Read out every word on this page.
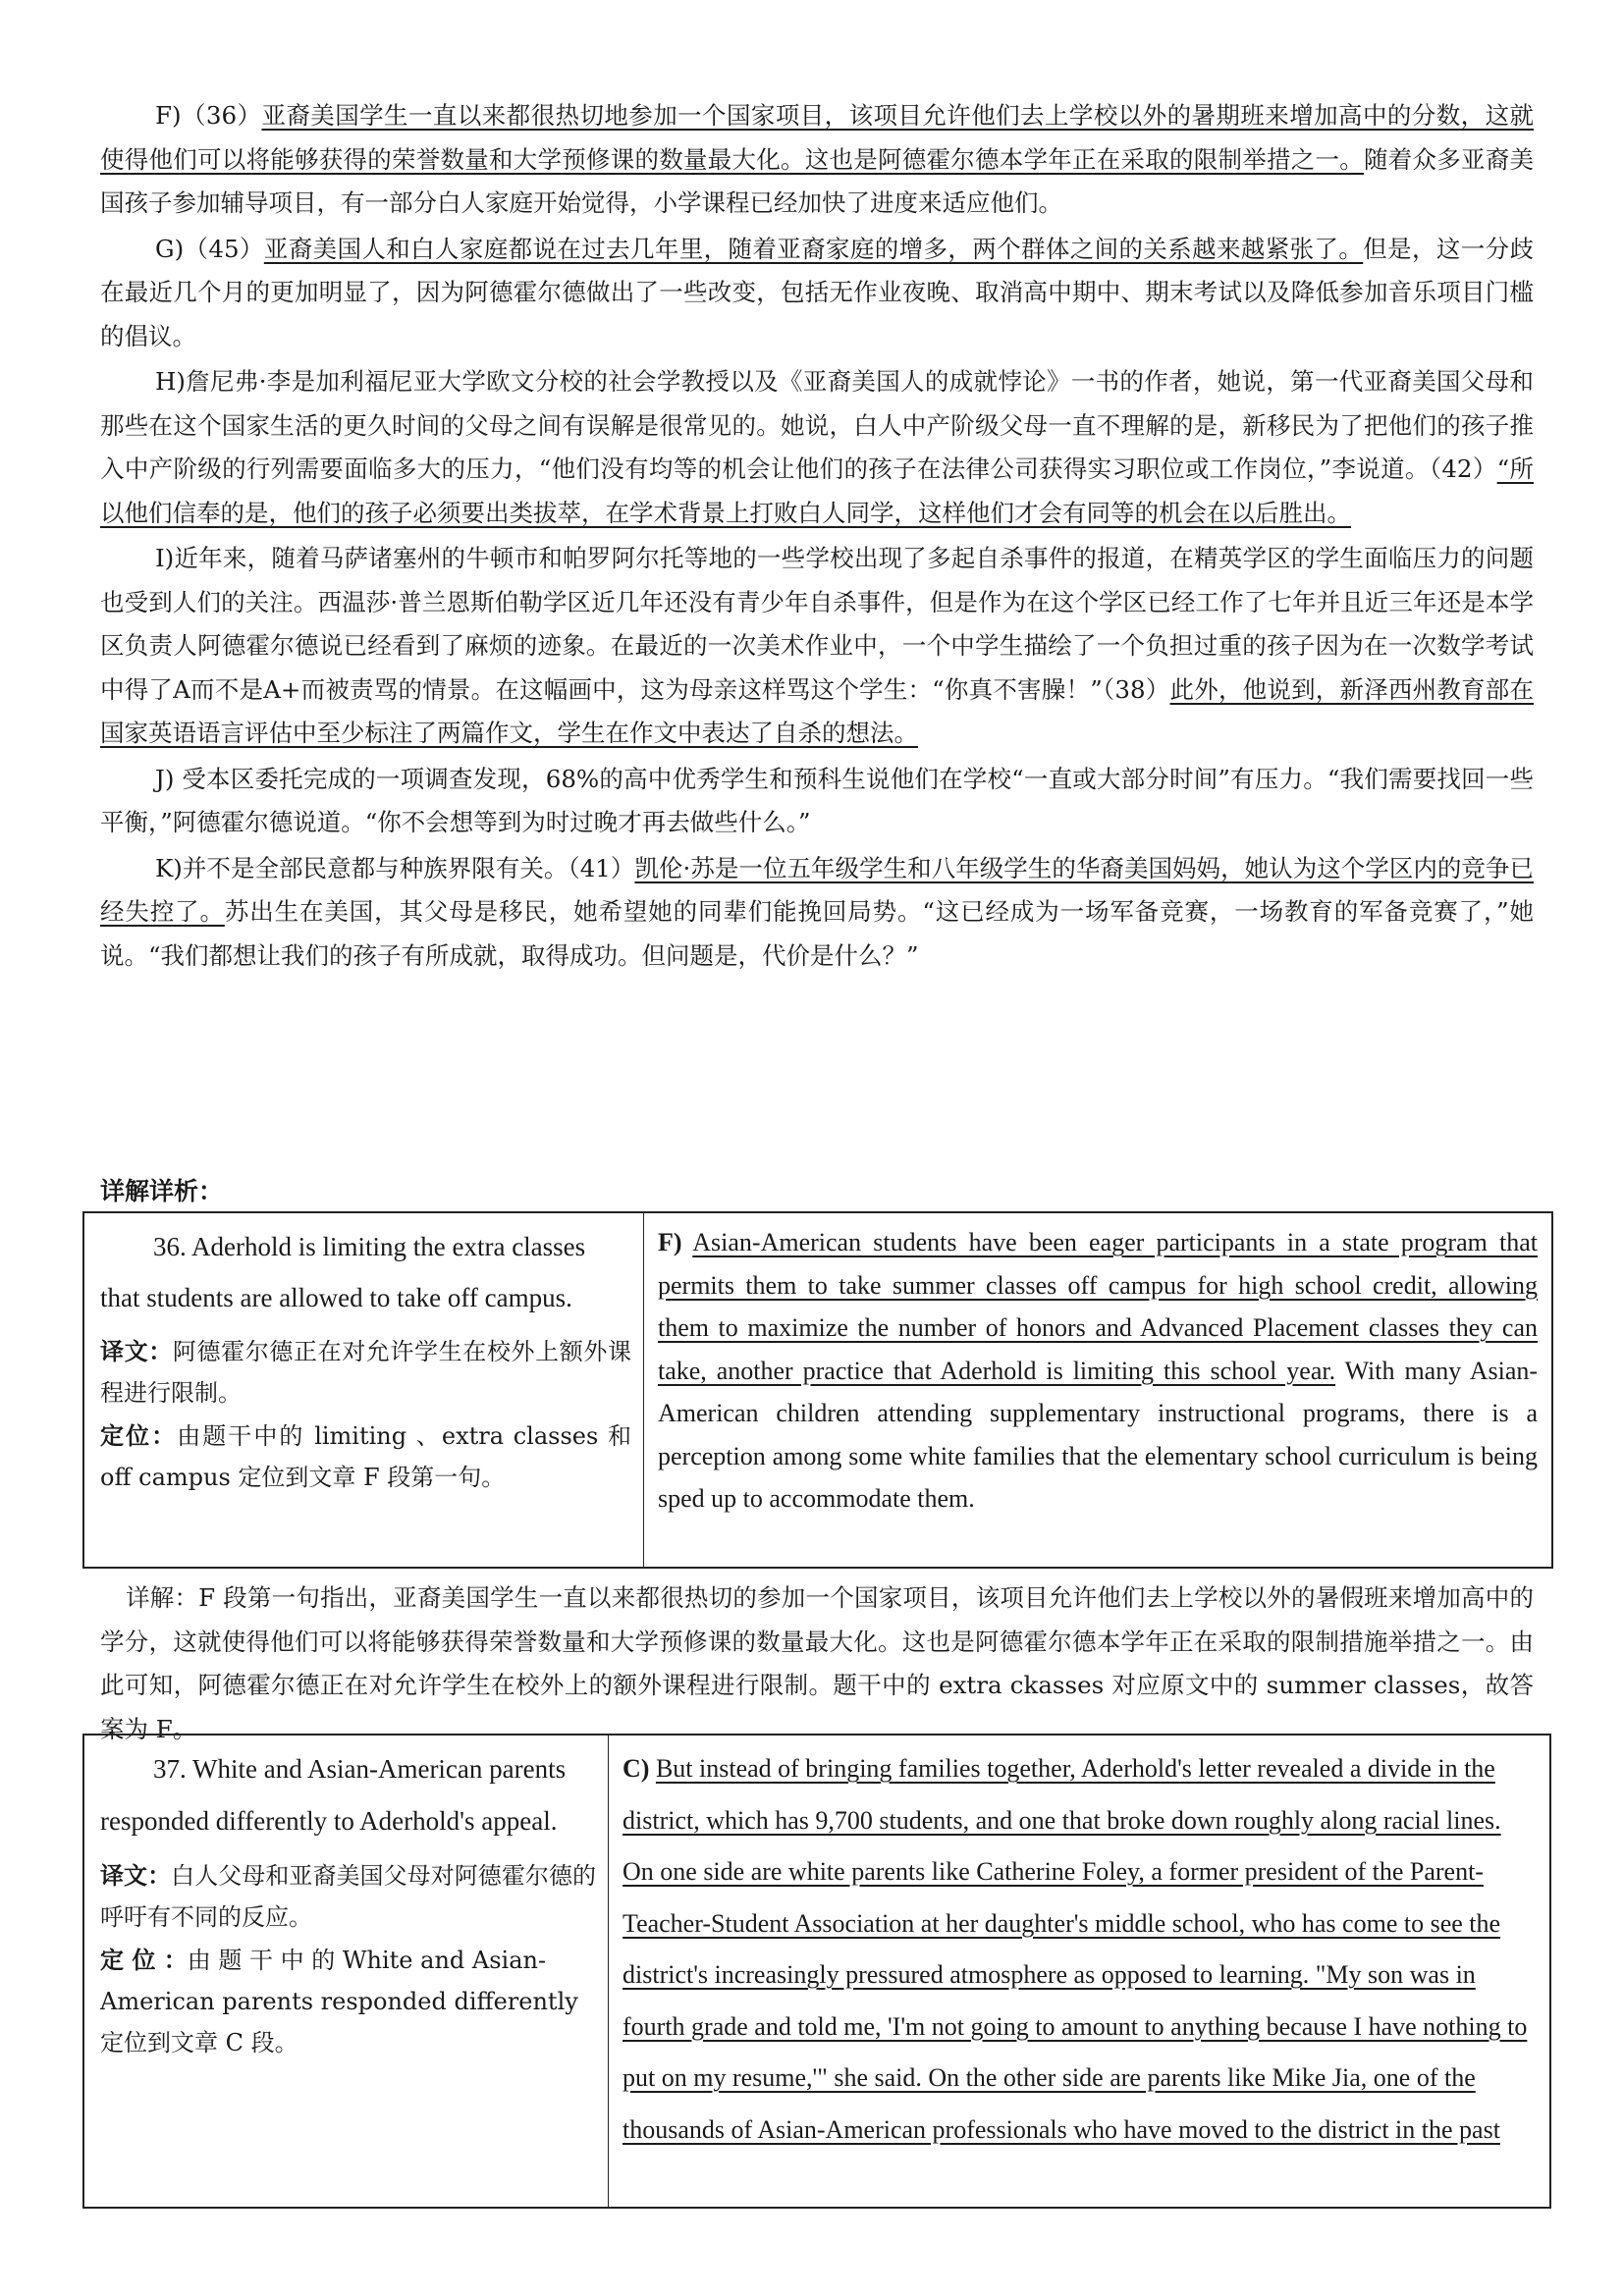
F)（36）亚裔美国学生一直以来都很热切地参加一个国家项目，该项目允许他们去上学校以外的暑期班来增加高中的分数，这就使得他们可以将能够获得的荣誉数量和大学预修课的数量最大化。这也是阿德霍尔德本学年正在采取的限制举措之一。随着众多亚裔美国孩子参加辅导项目，有一部分白人家庭开始觉得，小学课程已经加快了进度来适应他们。

G)（45）亚裔美国人和白人家庭都说在过去几年里，随着亚裔家庭的增多，两个群体之间的关系越来越紧张了。但是，这一分歧在最近几个月的更加明显了，因为阿德霍尔德做出了一些改变，包括无作业夜晚、取消高中期中、期末考试以及降低参加音乐项目门槛的倡议。

H)詹尼弗·李是加利福尼亚大学欧文分校的社会学教授以及《亚裔美国人的成就悖论》一书的作者，她说，第一代亚裔美国父母和那些在这个国家生活的更久时间的父母之间有误解是很常见的。她说，白人中产阶级父母一直不理解的是，新移民为了把他们的孩子推入中产阶级的行列需要面临多大的压力，“他们没有均等的机会让他们的孩子在法律公司获得实习职位或工作岗位，”李说道。（42）“所以他们信奉的是，他们的孩子必须要出类拔萃，在学术背景上打败白人同学，这样他们才会有同等的机会在以后胜出。

I)近年来，随着马萨诸塞州的牛顿市和帕罗阿尔托等地的一些学校出现了多起自杀事件的报道，在精英学区的学生面临压力的问题也受到人们的关注。西温莎·普兰恩斯伯勒学区近几年还没有青少年自杀事件，但是作为在这个学区已经工作了七年并且近三年还是本学区负责人阿德霍尔德说已经看到了麻烦的迹象。在最近的一次美术作业中，一个中学生描绘了一个负担过重的孩子因为在一次数学考试中得了A而不是A+而被责骂的情景。在这幅画中，这为母亲这样骂这个学生：“你真不害臊！”（38）此外，他说到，新泽西州教育部在国家英语语言评估中至少标注了两篇作文，学生在作文中表达了自杀的想法。

J) 受本区委托完成的一项调查发现，68%的高中优秀学生和预科生说他们在学校“一直或大部分时间”有压力。“我们需要找回一些平衡，”阿德霍尔德说道。“你不会想等到为时过晚才再去做些什么。”

K)并不是全部民意都与种族界限有关。（41）凯伦·苏是一位五年级学生和八年级学生的华裔美国妈妈，她认为这个学区内的竞争已经失控了。苏出生在美国，其父母是移民，她希望她的同辈们能挽回局势。“这已经成为一场军备竞赛，一场教育的军备竞赛了，”她说。“我们都想让我们的孩子有所成就，取得成功。但问题是，代价是什么？”

详解详析：

36. Aderhold is limiting the extra classes that students are allowed to take off campus.

译文：阿德霍尔德正在对允许学生在校外上额外课程进行限制。

定位：由题干中的 limiting 、extra classes 和 off campus 定位到文章 F 段第一句。

F) Asian-American students have been eager participants in a state program that permits them to take summer classes off campus for high school credit, allowing them to maximize the number of honors and Advanced Placement classes they can take, another practice that Aderhold is limiting this school year. With many Asian-American children attending supplementary instructional programs, there is a perception among some white families that the elementary school curriculum is being sped up to accommodate them.

详解：F 段第一句指出，亚裔美国学生一直以来都很热切的参加一个国家项目，该项目允许他们去上学校以外的暑假班来增加高中的学分，这就使得他们可以将能够获得荣誉数量和大学预修课的数量最大化。这也是阿德霍尔德本学年正在采取的限制措施举措之一。由此可知，阿德霍尔德正在对允许学生在校外上的额外课程进行限制。题干中的 extra ckasses 对应原文中的 summer classes，故答案为 F。

37. White and Asian-American parents responded differently to Aderhold's appeal.

译文：白人父母和亚裔美国父母对阿德霍尔德的呼吁有不同的反应。

定 位 ：由 题 干 中 的 White and Asian-American parents responded differently 定位到文章 C 段。

C) But instead of bringing families together, Aderhold's letter revealed a divide in the district, which has 9,700 students, and one that broke down roughly along racial lines. On one side are white parents like Catherine Foley, a former president of the Parent-Teacher-Student Association at her daughter's middle school, who has come to see the district's increasingly pressured atmosphere as opposed to learning. "My son was in fourth grade and told me, 'I'm not going to amount to anything because I have nothing to put on my resume,'" she said. On the other side are parents like Mike Jia, one of the thousands of Asian-American professionals who have moved to the district in the past
